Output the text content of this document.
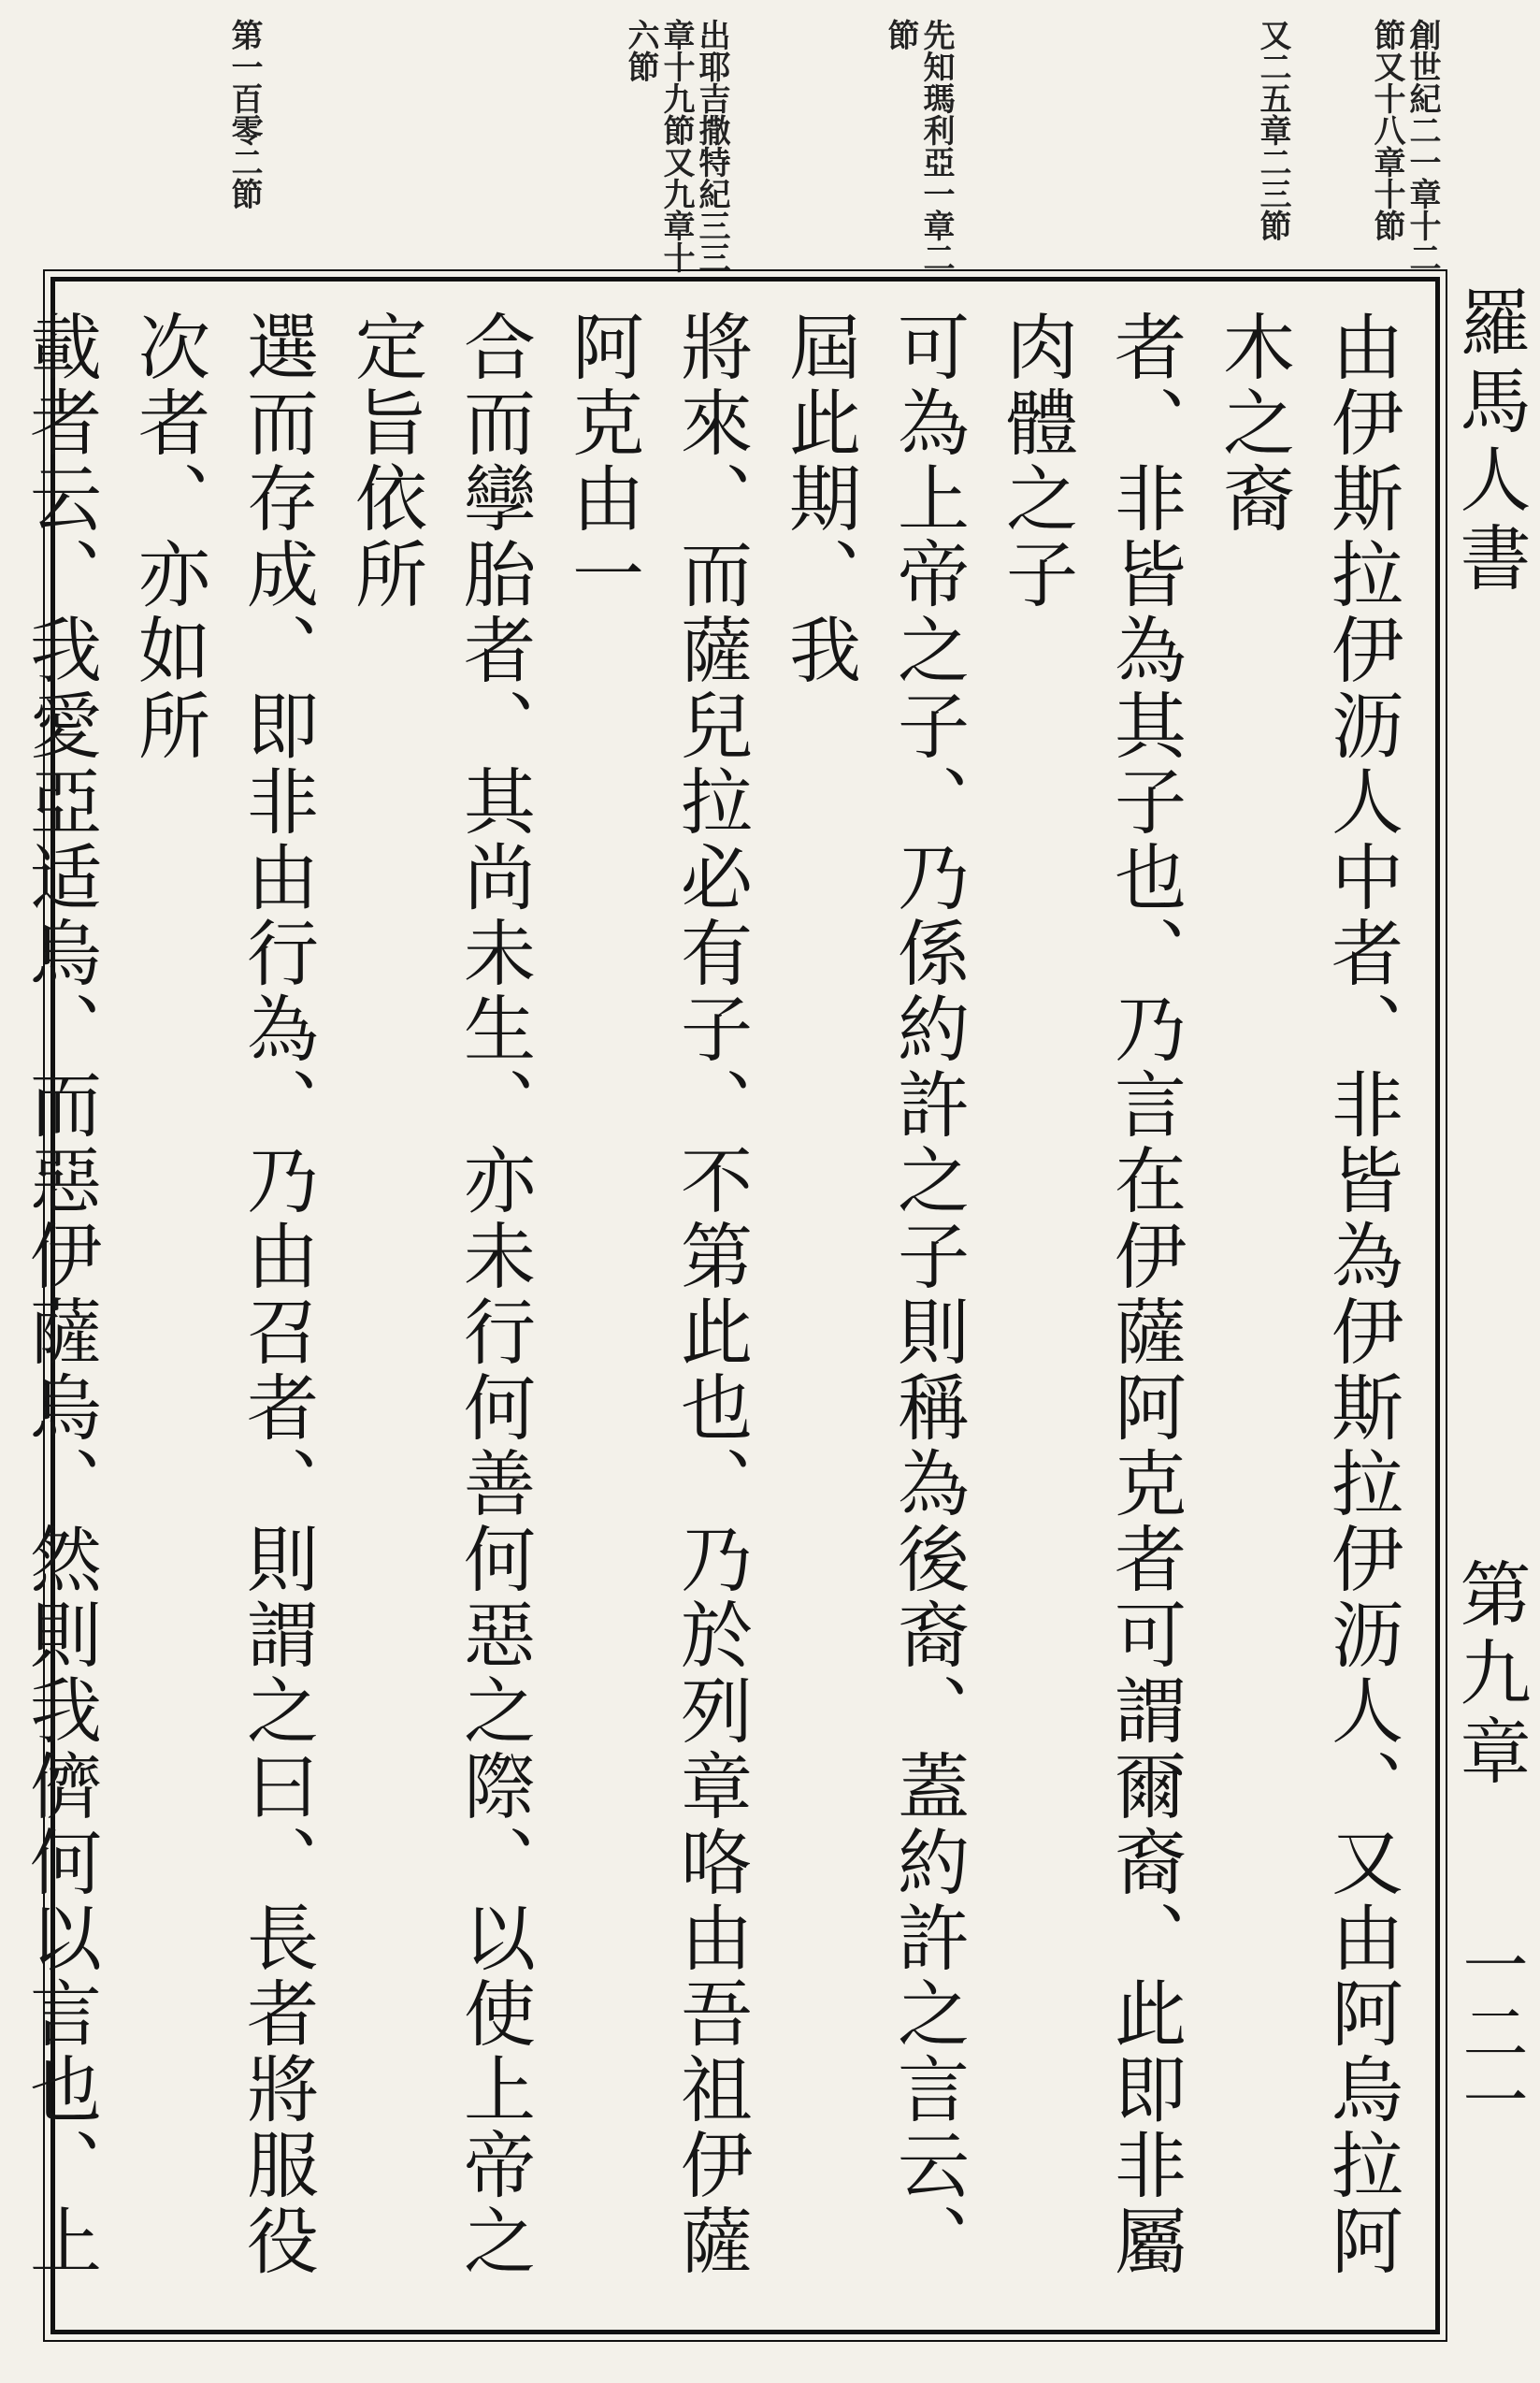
羅馬人書
第九章
一二一
創世紀二一章十二節又十八章十節
又二五章二三節
先知瑪利亞一章二節
出耶吉撒特紀三三章十九節又九章十六節
第一百零二節
由伊斯拉伊沥人中者、非皆為伊斯拉伊沥人、又由阿烏拉阿木之裔
者、非皆為其子也、乃言在伊薩阿克者可謂爾裔、此即非屬肉體之子
可為上帝之子、乃係約許之子則稱為後裔、蓋約許之言云、屆此期、我
將來、而薩兒拉必有子、不第此也、乃於列章咯由吾祖伊薩阿克由一
合而孿胎者、其尚未生、亦未行何善何惡之際、以使上帝之定旨依所
選而存成、即非由行為、乃由召者、則謂之曰、長者將服役次者、亦如所
載者云、我愛亞适烏、而惡伊薩烏、然則我儕何以言也、上
